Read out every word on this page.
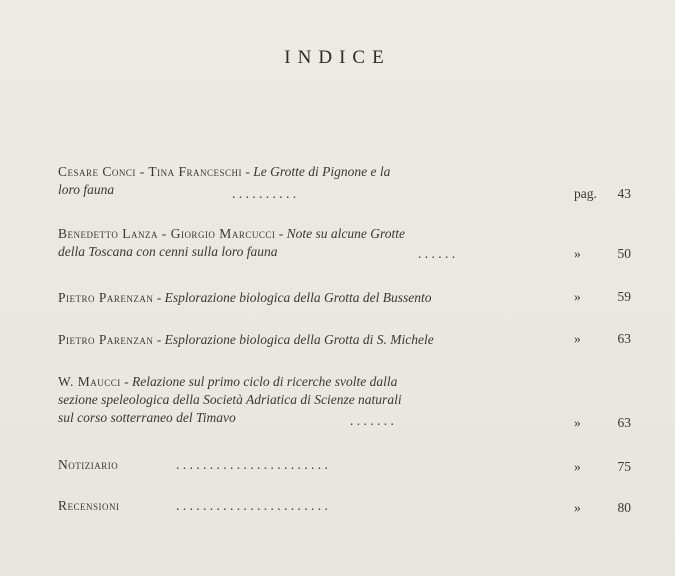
INDICE
Cesare Conci - Tina Franceschi - Le Grotte di Pignone e la
loro fauna	. . . . . . . . . .	pag.	43
Benedetto Lanza - Giorgio Marcucci - Note su alcune Grotte
della Toscana con cenni sulla loro fauna	. . . . . .	»	50
Pietro Parenzan - Esplorazione biologica della Grotta del Bussento	»	59
Pietro Parenzan - Esplorazione biologica della Grotta di S. Michele	»	63
W. Maucci - Relazione sul primo ciclo di ricerche svolte dalla
sezione speleologica della Società Adriatica di Scienze naturali
sul corso sotterraneo del Timavo	. . . . . . .	»	63
Notiziario	. . . . . . . . . . . . . . . . . . . . . . .	»	75
Recensioni	. . . . . . . . . . . . . . . . . . . . . . .	»	80
